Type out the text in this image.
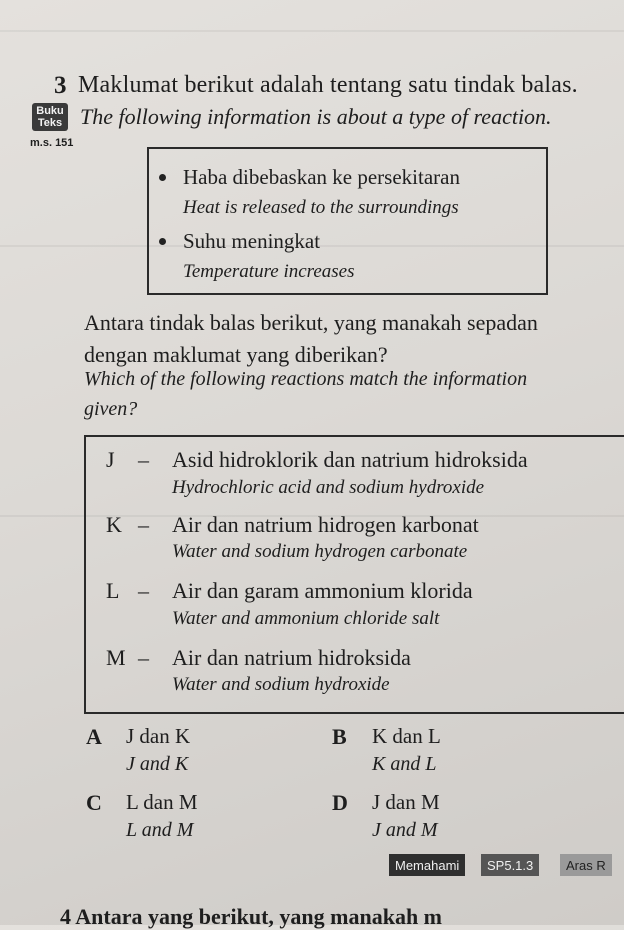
3 Maklumat berikut adalah tentang satu tindak balas.
Buku
Teks The following information is about a type of reaction.
m.s. 151
Haba dibebaskan ke persekitaran
Heat is released to the surroundings
Suhu meningkat
Temperature increases
Antara tindak balas berikut, yang manakah sepadan
dengan maklumat yang diberikan?
Which of the following reactions match the information
given?
J – Asid hidroklorik dan natrium hidroksida
Hydrochloric acid and sodium hydroxide
K – Air dan natrium hidrogen karbonat
Water and sodium hydrogen carbonate
L – Air dan garam ammonium klorida
Water and ammonium chloride salt
M – Air dan natrium hidroksida
Water and sodium hydroxide
A J dan K
J and K
B K dan L
K and L
C L dan M
L and M
D J dan M
J and M
Memahami	SP5.1.3	Aras R
4 Antara yang berikut, yang manakah m
